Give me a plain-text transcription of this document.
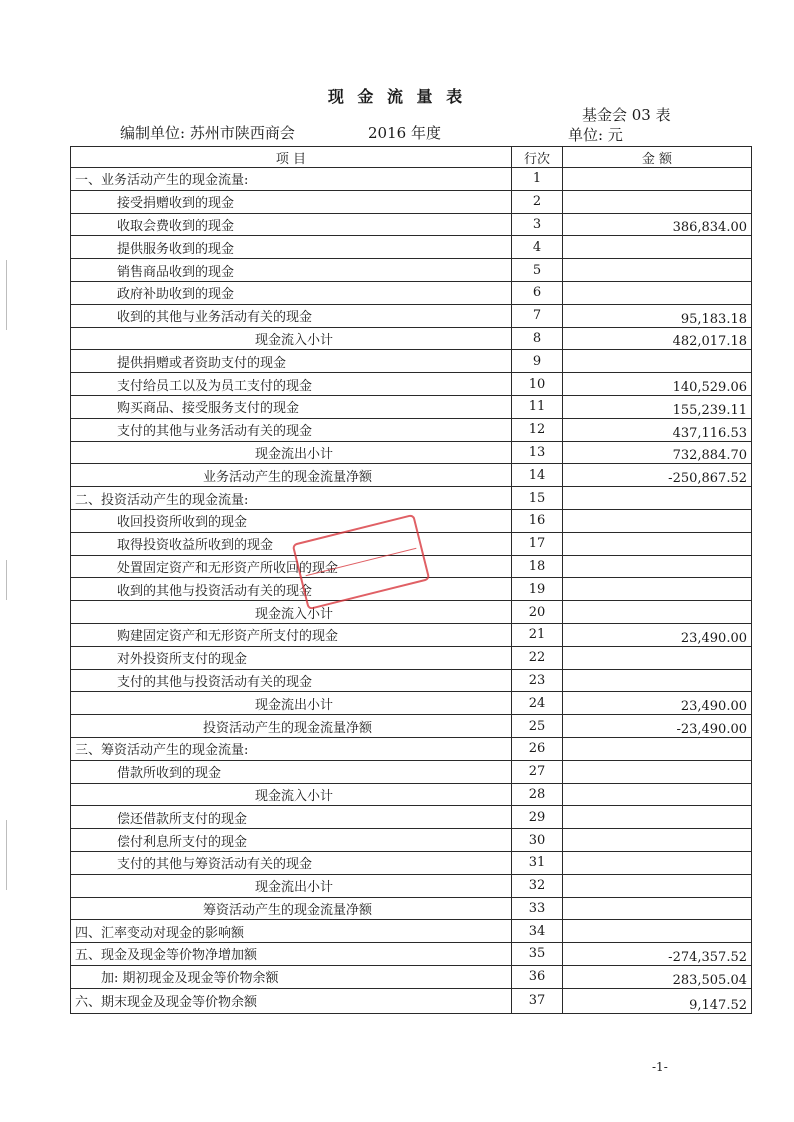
现 金 流 量 表
基金会 03 表
编制单位: 苏州市陕西商会	2016 年度	单位: 元
项 目	行次	金 额
一、业务活动产生的现金流量:	1	
接受捐赠收到的现金	2	
收取会费收到的现金	3	386,834.00
提供服务收到的现金	4	
销售商品收到的现金	5	
政府补助收到的现金	6	
收到的其他与业务活动有关的现金	7	95,183.18
现金流入小计	8	482,017.18
提供捐赠或者资助支付的现金	9	
支付给员工以及为员工支付的现金	10	140,529.06
购买商品、接受服务支付的现金	11	155,239.11
支付的其他与业务活动有关的现金	12	437,116.53
现金流出小计	13	732,884.70
业务活动产生的现金流量净额	14	-250,867.52
二、投资活动产生的现金流量:	15	
收回投资所收到的现金	16	
取得投资收益所收到的现金	17	
处置固定资产和无形资产所收回的现金	18	
收到的其他与投资活动有关的现金	19	
现金流入小计	20	
购建固定资产和无形资产所支付的现金	21	23,490.00
对外投资所支付的现金	22	
支付的其他与投资活动有关的现金	23	
现金流出小计	24	23,490.00
投资活动产生的现金流量净额	25	-23,490.00
三、筹资活动产生的现金流量:	26	
借款所收到的现金	27	
现金流入小计	28	
偿还借款所支付的现金	29	
偿付利息所支付的现金	30	
支付的其他与筹资活动有关的现金	31	
现金流出小计	32	
筹资活动产生的现金流量净额	33	
四、汇率变动对现金的影响额	34	
五、现金及现金等价物净增加额	35	-274,357.52
加: 期初现金及现金等价物余额	36	283,505.04
六、期末现金及现金等价物余额	37	9,147.52
-1-
